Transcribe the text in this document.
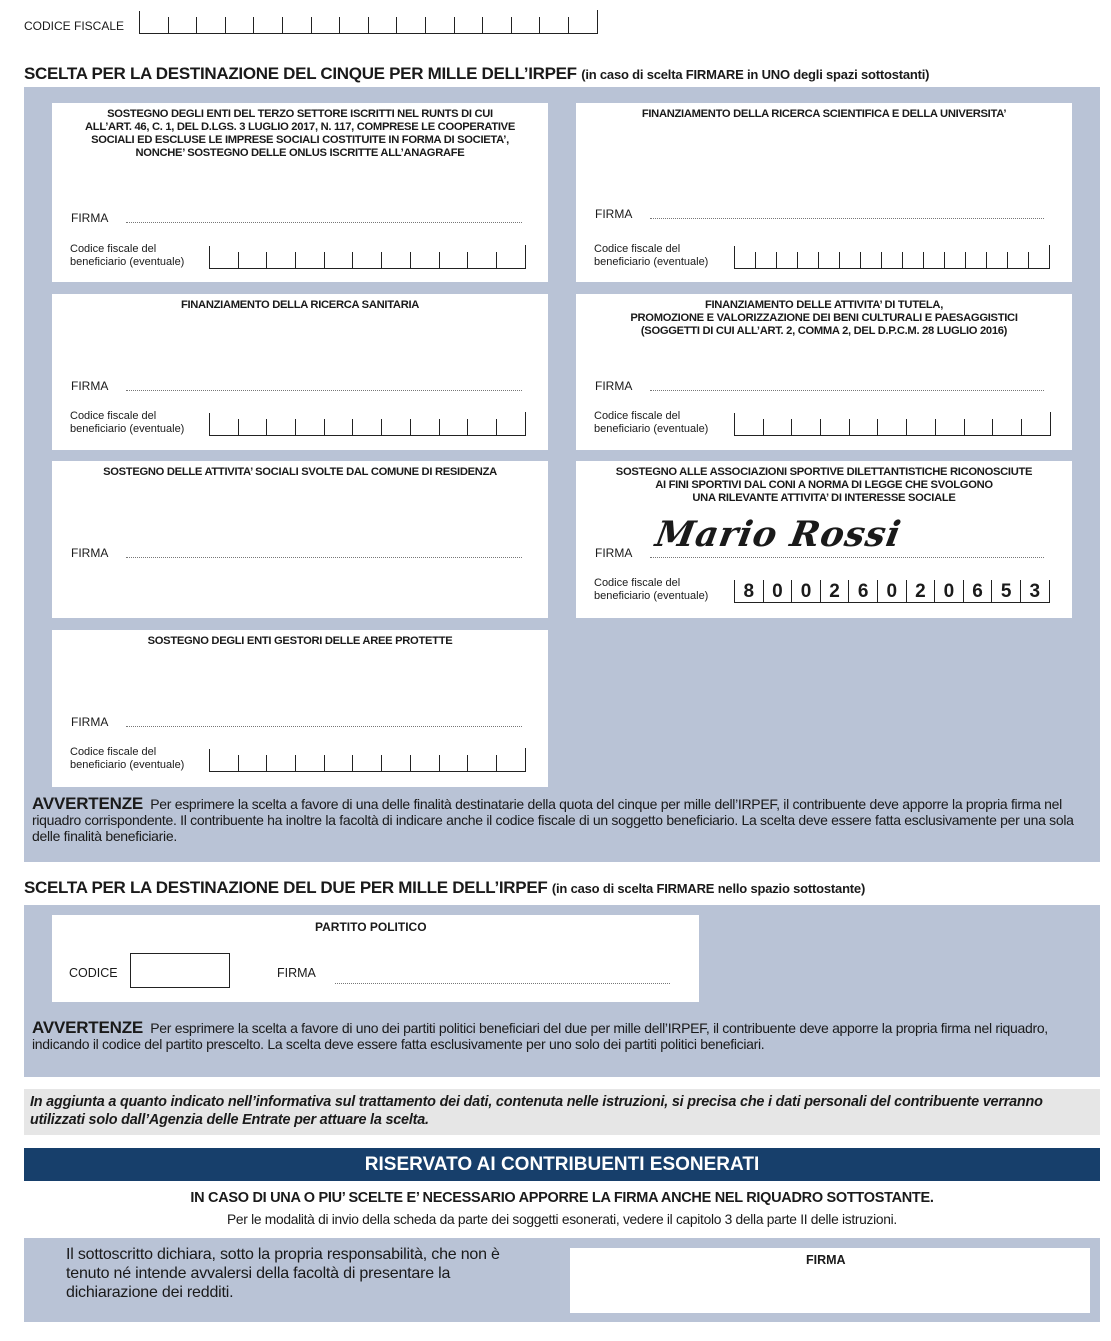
CODICE FISCALE
SCELTA PER LA DESTINAZIONE DEL CINQUE PER MILLE DELL’IRPEF (in caso di scelta FIRMARE in UNO degli spazi sottostanti)
SOSTEGNO DEGLI ENTI DEL TERZO SETTORE ISCRITTI NEL RUNTS DI CUI
ALL’ART. 46, C. 1, DEL D.LGS. 3 LUGLIO 2017, N. 117, COMPRESE LE COOPERATIVE
SOCIALI ED ESCLUSE LE IMPRESE SOCIALI COSTITUITE IN FORMA DI SOCIETA’,
NONCHE’ SOSTEGNO DELLE ONLUS ISCRITTE ALL’ANAGRAFE
FIRMA
Codice fiscale del
beneficiario (eventuale)
FINANZIAMENTO DELLA RICERCA SCIENTIFICA E DELLA UNIVERSITA’
FIRMA
Codice fiscale del
beneficiario (eventuale)
FINANZIAMENTO DELLA RICERCA SANITARIA
FIRMA
Codice fiscale del
beneficiario (eventuale)
FINANZIAMENTO DELLE ATTIVITA’ DI TUTELA,
PROMOZIONE E VALORIZZAZIONE DEI BENI CULTURALI E PAESAGGISTICI
(SOGGETTI DI CUI ALL’ART. 2, COMMA 2, DEL D.P.C.M. 28 LUGLIO 2016)
FIRMA
Codice fiscale del
beneficiario (eventuale)
SOSTEGNO DELLE ATTIVITA’ SOCIALI SVOLTE DAL COMUNE DI RESIDENZA
FIRMA
SOSTEGNO ALLE ASSOCIAZIONI SPORTIVE DILETTANTISTICHE RICONOSCIUTE
AI FINI SPORTIVI DAL CONI A NORMA DI LEGGE CHE SVOLGONO
UNA RILEVANTE ATTIVITA’ DI INTERESSE SOCIALE
FIRMA Mario Rossi
Codice fiscale del
beneficiario (eventuale)	8 0 0 2 6 0 2 0 6 5 3
SOSTEGNO DEGLI ENTI GESTORI DELLE AREE PROTETTE
FIRMA
Codice fiscale del
beneficiario (eventuale)
AVVERTENZE Per esprimere la scelta a favore di una delle finalità destinatarie della quota del cinque per mille dell’IRPEF, il contribuente deve apporre la propria firma nel riquadro corrispondente. Il contribuente ha inoltre la facoltà di indicare anche il codice fiscale di un soggetto beneficiario. La scelta deve essere fatta esclusivamente per una sola delle finalità beneficiarie.
SCELTA PER LA DESTINAZIONE DEL DUE PER MILLE DELL’IRPEF (in caso di scelta FIRMARE nello spazio sottostante)
PARTITO POLITICO
CODICE	FIRMA
AVVERTENZE Per esprimere la scelta a favore di uno dei partiti politici beneficiari del due per mille dell’IRPEF, il contribuente deve apporre la propria firma nel riquadro, indicando il codice del partito prescelto. La scelta deve essere fatta esclusivamente per uno solo dei partiti politici beneficiari.
In aggiunta a quanto indicato nell’informativa sul trattamento dei dati, contenuta nelle istruzioni, si precisa che i dati personali del contribuente verranno utilizzati solo dall’Agenzia delle Entrate per attuare la scelta.
RISERVATO AI CONTRIBUENTI ESONERATI
IN CASO DI UNA O PIU’ SCELTE E’ NECESSARIO APPORRE LA FIRMA ANCHE NEL RIQUADRO SOTTOSTANTE.
Per le modalità di invio della scheda da parte dei soggetti esonerati, vedere il capitolo 3 della parte II delle istruzioni.
Il sottoscritto dichiara, sotto la propria responsabilità, che non è tenuto né intende avvalersi della facoltà di presentare la dichiarazione dei redditi.
FIRMA
